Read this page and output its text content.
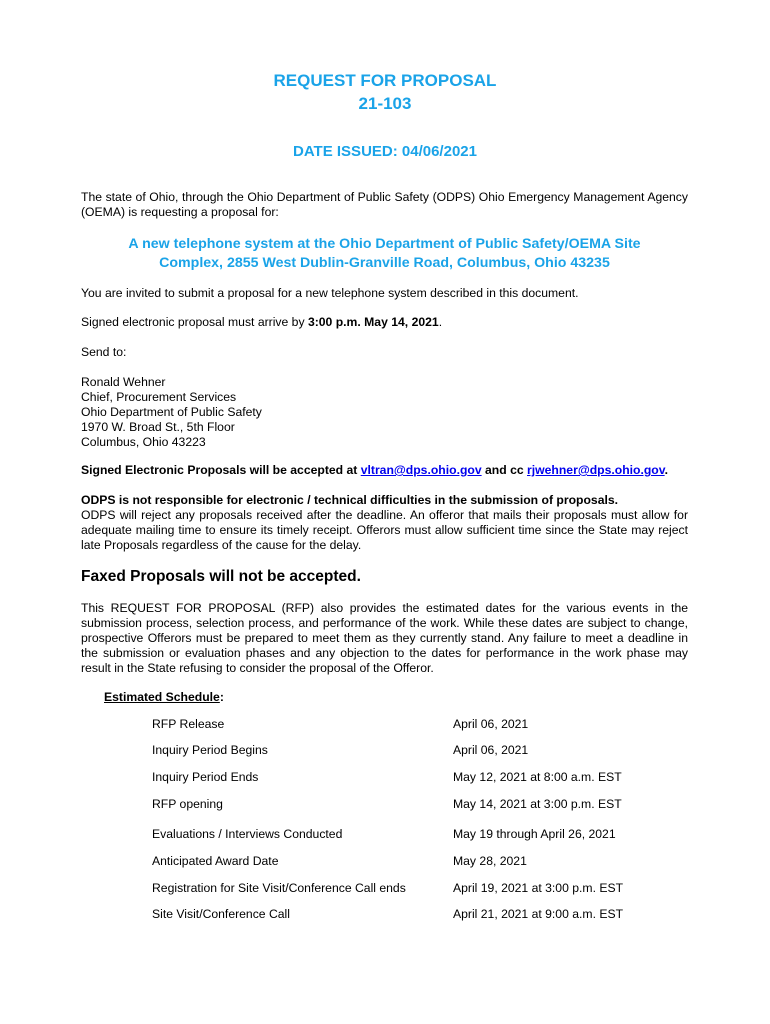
REQUEST FOR PROPOSAL
21-103
DATE ISSUED: 04/06/2021
The state of Ohio, through the Ohio Department of Public Safety (ODPS) Ohio Emergency Management Agency (OEMA) is requesting a proposal for:
A new telephone system at the Ohio Department of Public Safety/OEMA Site
Complex, 2855 West Dublin-Granville Road, Columbus, Ohio 43235
You are invited to submit a proposal for a new telephone system described in this document.
Signed electronic proposal must arrive by 3:00 p.m. May 14, 2021.
Send to:
Ronald Wehner
Chief, Procurement Services
Ohio Department of Public Safety
1970 W. Broad St., 5th Floor
Columbus, Ohio 43223
Signed Electronic Proposals will be accepted at vltran@dps.ohio.gov and cc rjwehner@dps.ohio.gov.
ODPS is not responsible for electronic / technical difficulties in the submission of proposals.
ODPS will reject any proposals received after the deadline. An offeror that mails their proposals must allow for adequate mailing time to ensure its timely receipt. Offerors must allow sufficient time since the State may reject late Proposals regardless of the cause for the delay.
Faxed Proposals will not be accepted.
This REQUEST FOR PROPOSAL (RFP) also provides the estimated dates for the various events in the submission process, selection process, and performance of the work. While these dates are subject to change, prospective Offerors must be prepared to meet them as they currently stand. Any failure to meet a deadline in the submission or evaluation phases and any objection to the dates for performance in the work phase may result in the State refusing to consider the proposal of the Offeror.
Estimated Schedule:
RFP Release	April 06, 2021
Inquiry Period Begins	April 06, 2021
Inquiry Period Ends	May 12, 2021 at 8:00 a.m. EST
RFP opening	May 14, 2021 at 3:00 p.m. EST
Evaluations / Interviews Conducted	May 19 through April 26, 2021
Anticipated Award Date	May 28, 2021
Registration for Site Visit/Conference Call ends	April 19, 2021 at 3:00 p.m. EST
Site Visit/Conference Call	April 21, 2021 at 9:00 a.m. EST
